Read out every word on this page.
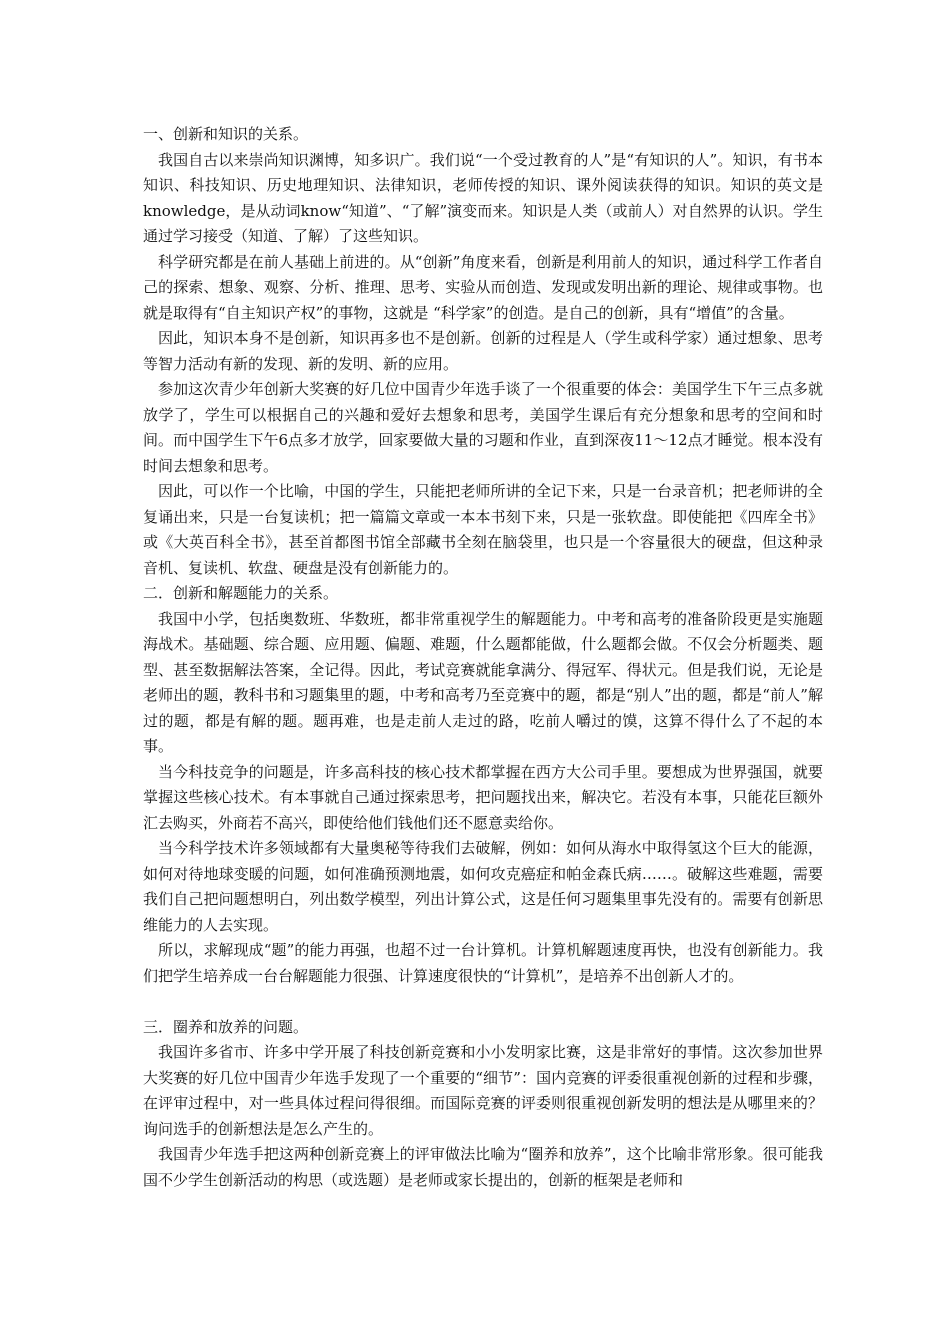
一、创新和知识的关系。

我国自古以来崇尚知识渊博，知多识广。我们说“一个受过教育的人”是“有知识的人”。知识，有书本知识、科技知识、历史地理知识、法律知识，老师传授的知识、课外阅读获得的知识。知识的英文是knowledge，是从动词know“知道”、“了解”演变而来。知识是人类（或前人）对自然界的认识。学生通过学习接受（知道、了解）了这些知识。

科学研究都是在前人基础上前进的。从“创新”角度来看，创新是利用前人的知识，通过科学工作者自己的探索、想象、观察、分析、推理、思考、实验从而创造、发现或发明出新的理论、规律或事物。也就是取得有“自主知识产权”的事物，这就是 “科学家”的创造。是自己的创新，具有“增值”的含量。

因此，知识本身不是创新，知识再多也不是创新。创新的过程是人（学生或科学家）通过想象、思考等智力活动有新的发现、新的发明、新的应用。

参加这次青少年创新大奖赛的好几位中国青少年选手谈了一个很重要的体会：美国学生下午三点多就放学了，学生可以根据自己的兴趣和爱好去想象和思考，美国学生课后有充分想象和思考的空间和时间。而中国学生下午6点多才放学，回家要做大量的习题和作业，直到深夜11～12点才睡觉。根本没有时间去想象和思考。

因此，可以作一个比喻，中国的学生，只能把老师所讲的全记下来，只是一台录音机；把老师讲的全复诵出来，只是一台复读机；把一篇篇文章或一本本书刻下来，只是一张软盘。即使能把《四库全书》或《大英百科全书》，甚至首都图书馆全部藏书全刻在脑袋里，也只是一个容量很大的硬盘，但这种录音机、复读机、软盘、硬盘是没有创新能力的。

二．创新和解题能力的关系。

我国中小学，包括奥数班、华数班，都非常重视学生的解题能力。中考和高考的准备阶段更是实施题海战术。基础题、综合题、应用题、偏题、难题，什么题都能做，什么题都会做。不仅会分析题类、题型、甚至数据解法答案，全记得。因此，考试竞赛就能拿满分、得冠军、得状元。但是我们说，无论是老师出的题，教科书和习题集里的题，中考和高考乃至竞赛中的题，都是“别人”出的题，都是“前人”解过的题，都是有解的题。题再难，也是走前人走过的路，吃前人嚼过的馍，这算不得什么了不起的本事。

当今科技竞争的问题是，许多高科技的核心技术都掌握在西方大公司手里。要想成为世界强国，就要掌握这些核心技术。有本事就自己通过探索思考，把问题找出来，解决它。若没有本事，只能花巨额外汇去购买，外商若不高兴，即使给他们钱他们还不愿意卖给你。

当今科学技术许多领域都有大量奥秘等待我们去破解，例如：如何从海水中取得氢这个巨大的能源，如何对待地球变暖的问题，如何准确预测地震，如何攻克癌症和帕金森氏病……。破解这些难题，需要我们自己把问题想明白，列出数学模型，列出计算公式，这是任何习题集里事先没有的。需要有创新思维能力的人去实现。

所以，求解现成“题”的能力再强，也超不过一台计算机。计算机解题速度再快，也没有创新能力。我们把学生培养成一台台解题能力很强、计算速度很快的“计算机”，是培养不出创新人才的。

三．圈养和放养的问题。

我国许多省市、许多中学开展了科技创新竞赛和小小发明家比赛，这是非常好的事情。这次参加世界大奖赛的好几位中国青少年选手发现了一个重要的“细节”：国内竞赛的评委很重视创新的过程和步骤，在评审过程中，对一些具体过程问得很细。而国际竞赛的评委则很重视创新发明的想法是从哪里来的？询问选手的创新想法是怎么产生的。

我国青少年选手把这两种创新竞赛上的评审做法比喻为“圈养和放养”，这个比喻非常形象。很可能我国不少学生创新活动的构思（或选题）是老师或家长提出的，创新的框架是老师和
